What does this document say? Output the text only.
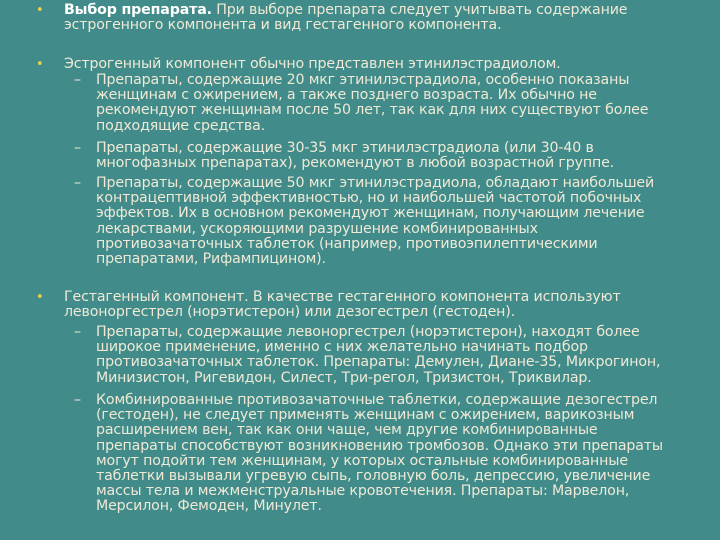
• Выбор препарата. При выборе препарата следует учитывать содержание эстрогенного компонента и вид гестагенного компонента.
• Эстрогенный компонент обычно представлен этинилэстрадиолом.
– Препараты, содержащие 20 мкг этинилэстрадиола, особенно показаны женщинам с ожирением, а также позднего возраста. Их обычно не рекомендуют женщинам после 50 лет, так как для них существуют более подходящие средства.
– Препараты, содержащие 30-35 мкг этинилэстрадиола (или 30-40 в многофазных препаратах), рекомендуют в любой возрастной группе.
– Препараты, содержащие 50 мкг этинилэстрадиола, обладают наибольшей контрацептивной эффективностью, но и наибольшей частотой побочных эффектов. Их в основном рекомендуют женщинам, получающим лечение лекарствами, ускоряющими разрушение комбинированных противозачаточных таблеток (например, противоэпилептическими препаратами, Рифампицином).
• Гестагенный компонент. В качестве гестагенного компонента используют левоноргестрел (норэтистерон) или дезогестрел (гестоден).
– Препараты, содержащие левоноргестрел (норэтистерон), находят более широкое применение, именно с них желательно начинать подбор противозачаточных таблеток. Препараты: Демулен, Диане-35, Микрогинон, Минизистон, Ригевидон, Силест, Три-регол, Тризистон, Триквилар.
– Комбинированные противозачаточные таблетки, содержащие дезогестрел (гестоден), не следует применять женщинам с ожирением, варикозным расширением вен, так как они чаще, чем другие комбинированные препараты способствуют возникновению тромбозов. Однако эти препараты могут подойти тем женщинам, у которых остальные комбинированные таблетки вызывали угревую сыпь, головную боль, депрессию, увеличение массы тела и межменструальные кровотечения. Препараты: Марвелон, Мерсилон, Фемоден, Минулет.
